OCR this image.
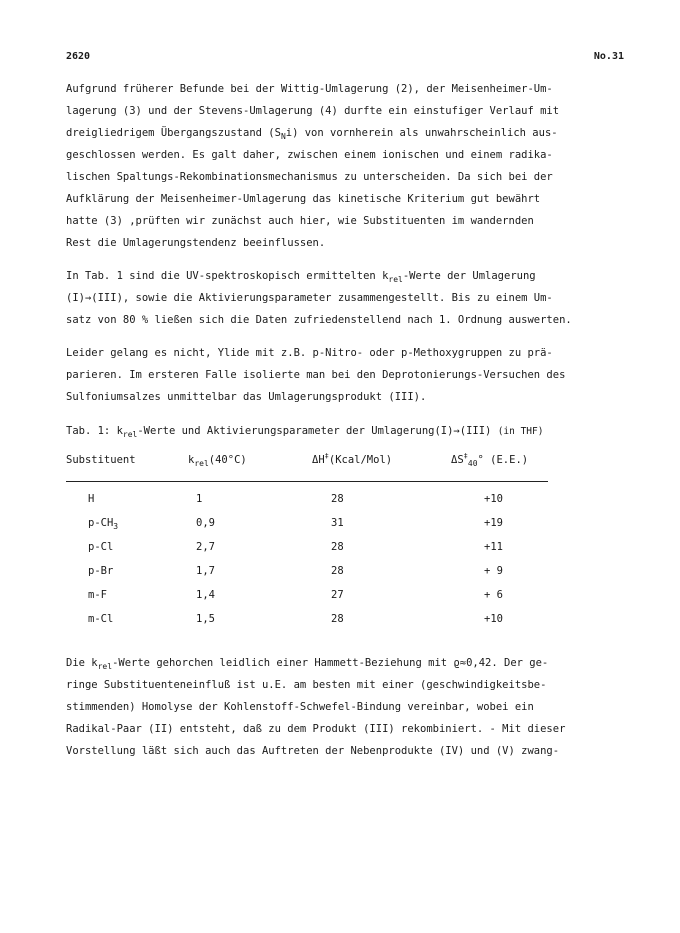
2620	No.31

Aufgrund früherer Befunde bei der Wittig-Umlagerung (2), der Meisenheimer-Um-
lagerung (3) und der Stevens-Umlagerung (4) durfte ein einstufiger Verlauf mit
dreigliedrigem Übergangszustand $(S_Ni)$ von vornherein als unwahrscheinlich aus-
geschlossen werden. Es galt daher, zwischen einem ionischen und einem radika-
lischen Spaltungs-Rekombinationsmechanismus zu unterscheiden. Da sich bei der
Aufklärung der Meisenheimer-Umlagerung das kinetische Kriterium gut bewährt
hatte (3) ,prüften wir zunächst auch hier, wie Substituenten im wandernden
Rest die Umlagerungstendenz beeinflussen.

In Tab. 1 sind die UV-spektroskopisch ermittelten $k_{rel}$-Werte der Umlagerung
(I)→(III), sowie die Aktivierungsparameter zusammengestellt. Bis zu einem Um-
satz von 80 % ließen sich die Daten zufriedenstellend nach 1. Ordnung auswerten.

Leider gelang es nicht, Ylide mit z.B. p-Nitro- oder p-Methoxygruppen zu prä-
parieren. Im ersteren Falle isolierte man bei den Deprotonierungs-Versuchen des
Sulfoniumsalzes unmittelbar das Umlagerungsprodukt (III).

Tab. 1: $k_{rel}$-Werte und Aktivierungsparameter der Umlagerung(I)→(III) (in THF)

Substituent	$k_{rel}(40^\circ C)$	ΔH‡(Kcal/Mol)	$\Delta S^\ddagger_{40}^\circ$ (E.E.)
H	1	28	+10
$p-CH_3$	0,9	31	+19
p-Cl	2,7	28	+11
p-Br	1,7	28	+ 9
m-F	1,4	27	+ 6
m-Cl	1,5	28	+10

Die $k_{rel}$-Werte gehorchen leidlich einer Hammett-Beziehung mit ϱ≈0,42. Der ge-
ringe Substituenteneinfluß ist u.E. am besten mit einer (geschwindigkeitsbe-
stimmenden) Homolyse der Kohlenstoff-Schwefel-Bindung vereinbar, wobei ein
Radikal-Paar (II) entsteht, daß zu dem Produkt (III) rekombiniert. - Mit dieser
Vorstellung läßt sich auch das Auftreten der Nebenprodukte (IV) und (V) zwang-
